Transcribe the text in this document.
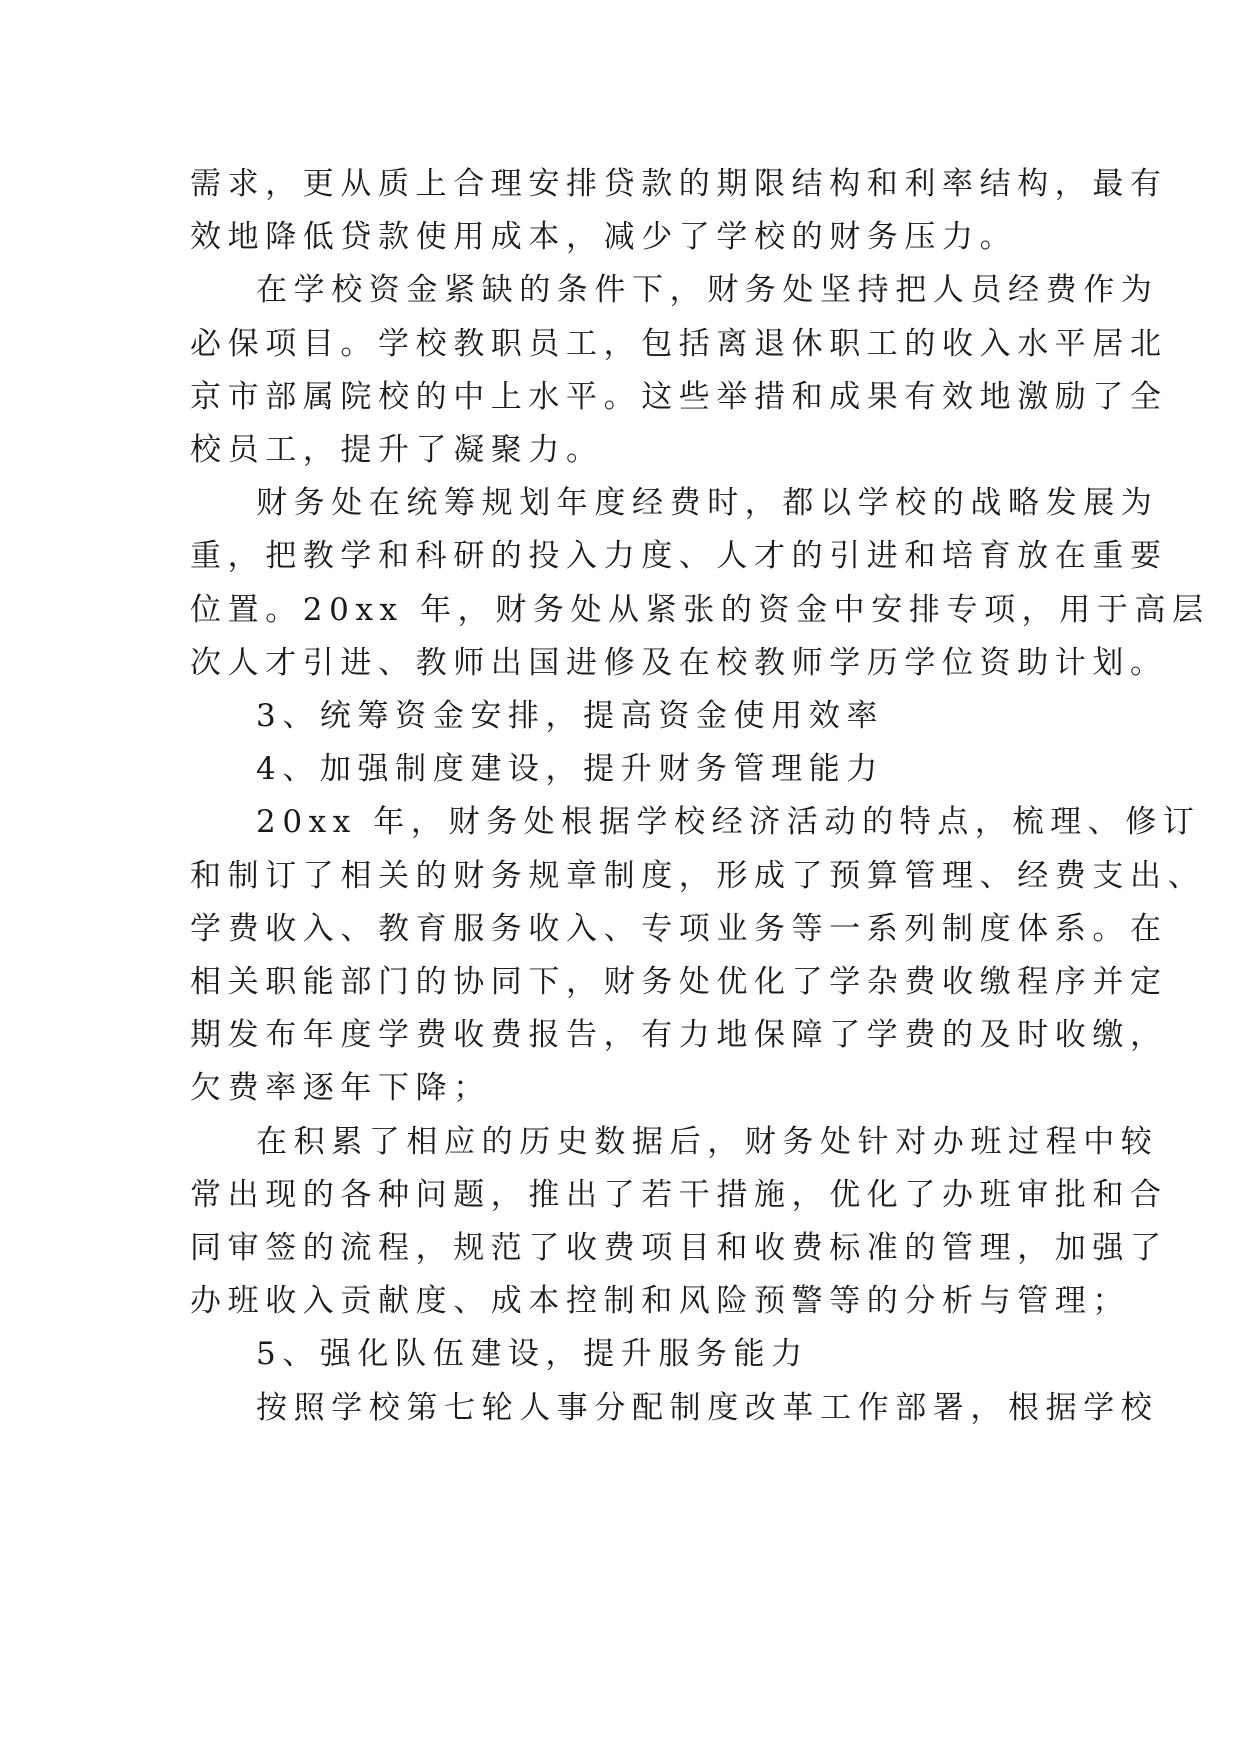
需求，更从质上合理安排贷款的期限结构和利率结构，最有
效地降低贷款使用成本，减少了学校的财务压力。

在学校资金紧缺的条件下，财务处坚持把人员经费作为
必保项目。学校教职员工，包括离退休职工的收入水平居北
京市部属院校的中上水平。这些举措和成果有效地激励了全
校员工，提升了凝聚力。

财务处在统筹规划年度经费时，都以学校的战略发展为
重，把教学和科研的投入力度、人才的引进和培育放在重要
位置。20xx 年，财务处从紧张的资金中安排专项，用于高层
次人才引进、教师出国进修及在校教师学历学位资助计划。

3、统筹资金安排，提高资金使用效率

4、加强制度建设，提升财务管理能力

20xx 年，财务处根据学校经济活动的特点，梳理、修订
和制订了相关的财务规章制度，形成了预算管理、经费支出、
学费收入、教育服务收入、专项业务等一系列制度体系。在
相关职能部门的协同下，财务处优化了学杂费收缴程序并定
期发布年度学费收费报告，有力地保障了学费的及时收缴，
欠费率逐年下降；

在积累了相应的历史数据后，财务处针对办班过程中较
常出现的各种问题，推出了若干措施，优化了办班审批和合
同审签的流程，规范了收费项目和收费标准的管理，加强了
办班收入贡献度、成本控制和风险预警等的分析与管理；

5、强化队伍建设，提升服务能力

按照学校第七轮人事分配制度改革工作部署，根据学校
